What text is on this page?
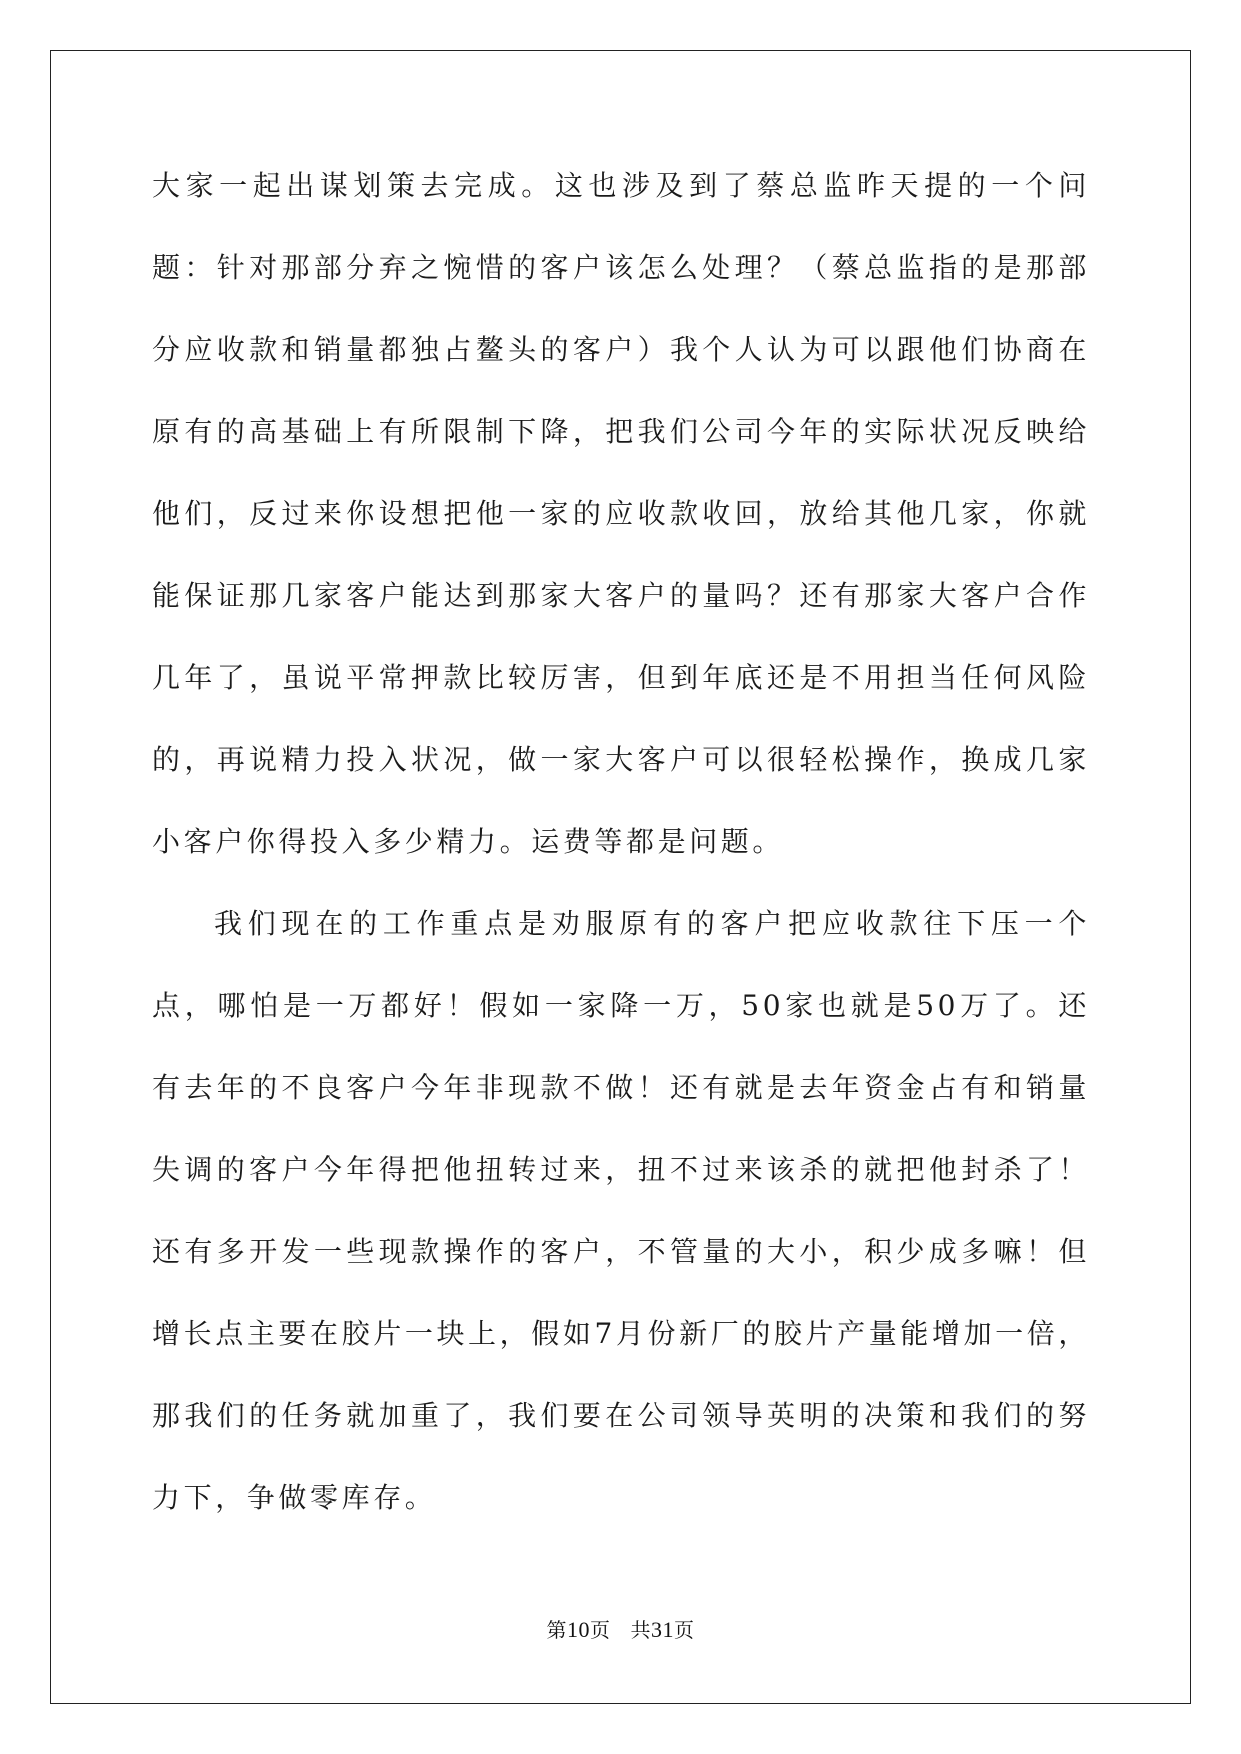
大家一起出谋划策去完成。这也涉及到了蔡总监昨天提的一个问题：针对那部分弃之惋惜的客户该怎么处理？（蔡总监指的是那部分应收款和销量都独占鳌头的客户）我个人认为可以跟他们协商在原有的高基础上有所限制下降，把我们公司今年的实际状况反映给他们，反过来你设想把他一家的应收款收回，放给其他几家，你就能保证那几家客户能达到那家大客户的量吗？还有那家大客户合作几年了，虽说平常押款比较厉害，但到年底还是不用担当任何风险的，再说精力投入状况，做一家大客户可以很轻松操作，换成几家小客户你得投入多少精力。运费等都是问题。

我们现在的工作重点是劝服原有的客户把应收款往下压一个点，哪怕是一万都好！假如一家降一万，50家也就是50万了。还有去年的不良客户今年非现款不做！还有就是去年资金占有和销量失调的客户今年得把他扭转过来，扭不过来该杀的就把他封杀了！还有多开发一些现款操作的客户，不管量的大小，积少成多嘛！但增长点主要在胶片一块上，假如7月份新厂的胶片产量能增加一倍，那我们的任务就加重了，我们要在公司领导英明的决策和我们的努力下，争做零库存。

第10页 共31页
